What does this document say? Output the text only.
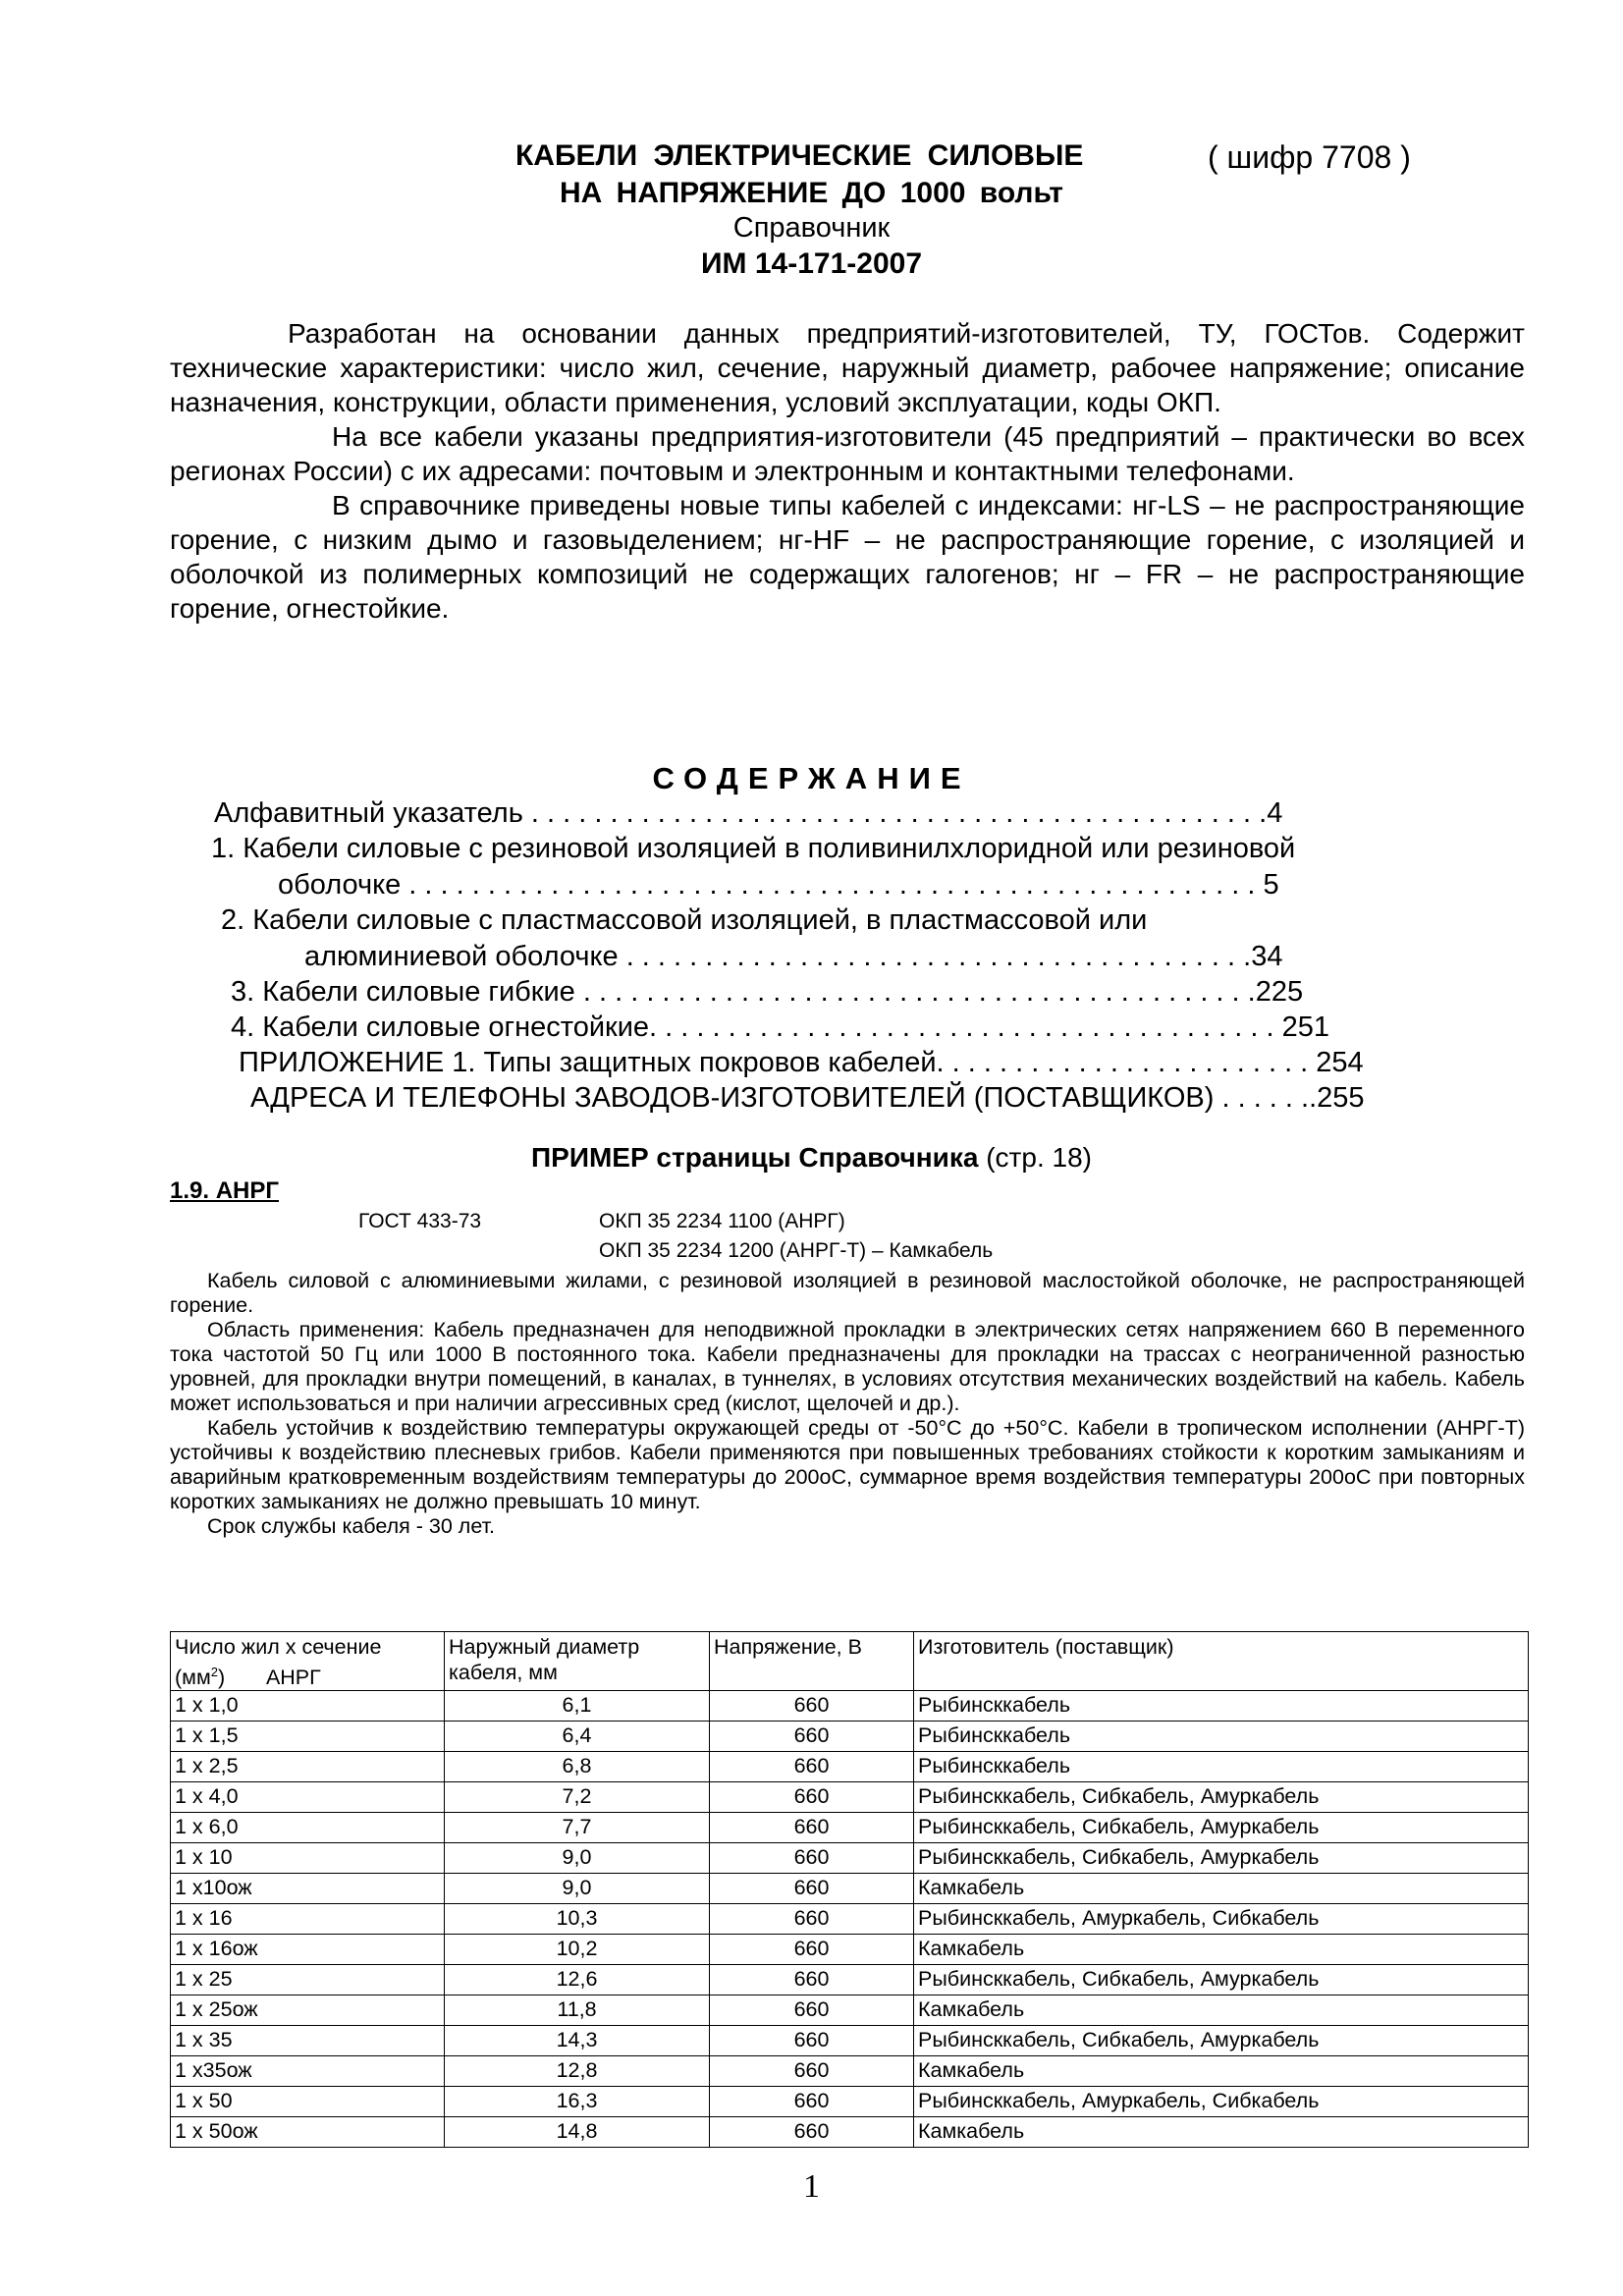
КАБЕЛИ ЭЛЕКТРИЧЕСКИЕ СИЛОВЫЕ	( шифр 7708 )
НА НАПРЯЖЕНИЕ ДО 1000 вольт
Справочник
ИМ 14-171-2007

Разработан на основании данных предприятий-изготовителей, ТУ, ГОСТов. Содержит технические характеристики: число жил, сечение, наружный диаметр, рабочее напряжение; описание назначения, конструкции, области применения, условий эксплуатации, коды ОКП.

На все кабели указаны предприятия-изготовители (45 предприятий – практически во всех регионах России) с их адресами: почтовым и электронным и контактными телефонами.

В справочнике приведены новые типы кабелей с индексами: нг-LS – не распространяющие горение, с низким дымо и газовыделением; нг-HF – не распространяющие горение, с изоляцией и оболочкой из полимерных композиций не содержащих галогенов; нг – FR – не распространяющие горение, огнестойкие.

СОДЕРЖАНИЕ
Алфавитный указатель . . . . . . . . . . . . . . . . . . . . . . . . . . . . . . . . . . . . . . . . . . . . . . .4
1. Кабели силовые с резиновой изоляцией в поливинилхлоридной или резиновой
оболочке . . . . . . . . . . . . . . . . . . . . . . . . . . . . . . . . . . . . . . . . . . . . . . . . . . . . . . 5
2. Кабели силовые с пластмассовой изоляцией, в пластмассовой или
алюминиевой оболочке . . . . . . . . . . . . . . . . . . . . . . . . . . . . . . . . . . . . . . . .34
3. Кабели силовые гибкие . . . . . . . . . . . . . . . . . . . . . . . . . . . . . . . . . . . . . . . . . . .225
4. Кабели силовые огнестойкие. . . . . . . . . . . . . . . . . . . . . . . . . . . . . . . . . . . . . . . . 251
ПРИЛОЖЕНИЕ 1. Типы защитных покровов кабелей. . . . . . . . . . . . . . . . . . . . . . . . 254
АДРЕСА И ТЕЛЕФОНЫ ЗАВОДОВ-ИЗГОТОВИТЕЛЕЙ (ПОСТАВЩИКОВ) . . . . . ..255
ПРИМЕР страницы Справочника (стр. 18)
1.9. АНРГ
ГОСТ 433-73	ОКП 35 2234 1100 (АНРГ)
ОКП 35 2234 1200 (АНРГ-Т) – Камкабель

Кабель силовой с алюминиевыми жилами, с резиновой изоляцией в резиновой маслостойкой оболочке, не распространяющей горение.

Область применения: Кабель предназначен для неподвижной прокладки в электрических сетях напряжением 660 В переменного тока частотой 50 Гц или 1000 В постоянного тока. Кабели предназначены для прокладки на трассах с неограниченной разностью уровней, для прокладки внутри помещений, в каналах, в туннелях, в условиях отсутствия механических воздействий на кабель. Кабель может использоваться и при наличии агрессивных сред (кислот, щелочей и др.).

Кабель устойчив к воздействию температуры окружающей среды от -50°С до +50°С. Кабели в тропическом исполнении (АНРГ-Т) устойчивы к воздействию плесневых грибов. Кабели применяются при повышенных требованиях стойкости к коротким замыканиям и аварийным кратковременным воздействиям температуры до 200оС, суммарное время воздействия температуры 200оС при повторных коротких замыканиях не должно превышать 10 минут.

Срок службы кабеля - 30 лет.

Число жил х сечение
$(мм^2)$       АНРГ	Наружный диаметр кабеля, мм	Напряжение, В	Изготовитель (поставщик)
1 x 1,0	6,1	660	Рыбинсккабель
1 x 1,5	6,4	660	Рыбинсккабель
1 x 2,5	6,8	660	Рыбинсккабель
1 x 4,0	7,2	660	Рыбинсккабель, Сибкабель, Амуркабель
1 x 6,0	7,7	660	Рыбинсккабель, Сибкабель, Амуркабель
1 x 10	9,0	660	Рыбинсккабель, Сибкабель, Амуркабель
1 x10ож	9,0	660	Камкабель
1 x 16	10,3	660	Рыбинсккабель, Амуркабель, Сибкабель
1 x 16ож	10,2	660	Камкабель
1 x 25	12,6	660	Рыбинсккабель, Сибкабель, Амуркабель
1 x 25ож	11,8	660	Камкабель
1 x 35	14,3	660	Рыбинсккабель, Сибкабель, Амуркабель
1 x35ож	12,8	660	Камкабель
1 x 50	16,3	660	Рыбинсккабель, Амуркабель, Сибкабель
1 x 50ож	14,8	660	Камкабель
1
